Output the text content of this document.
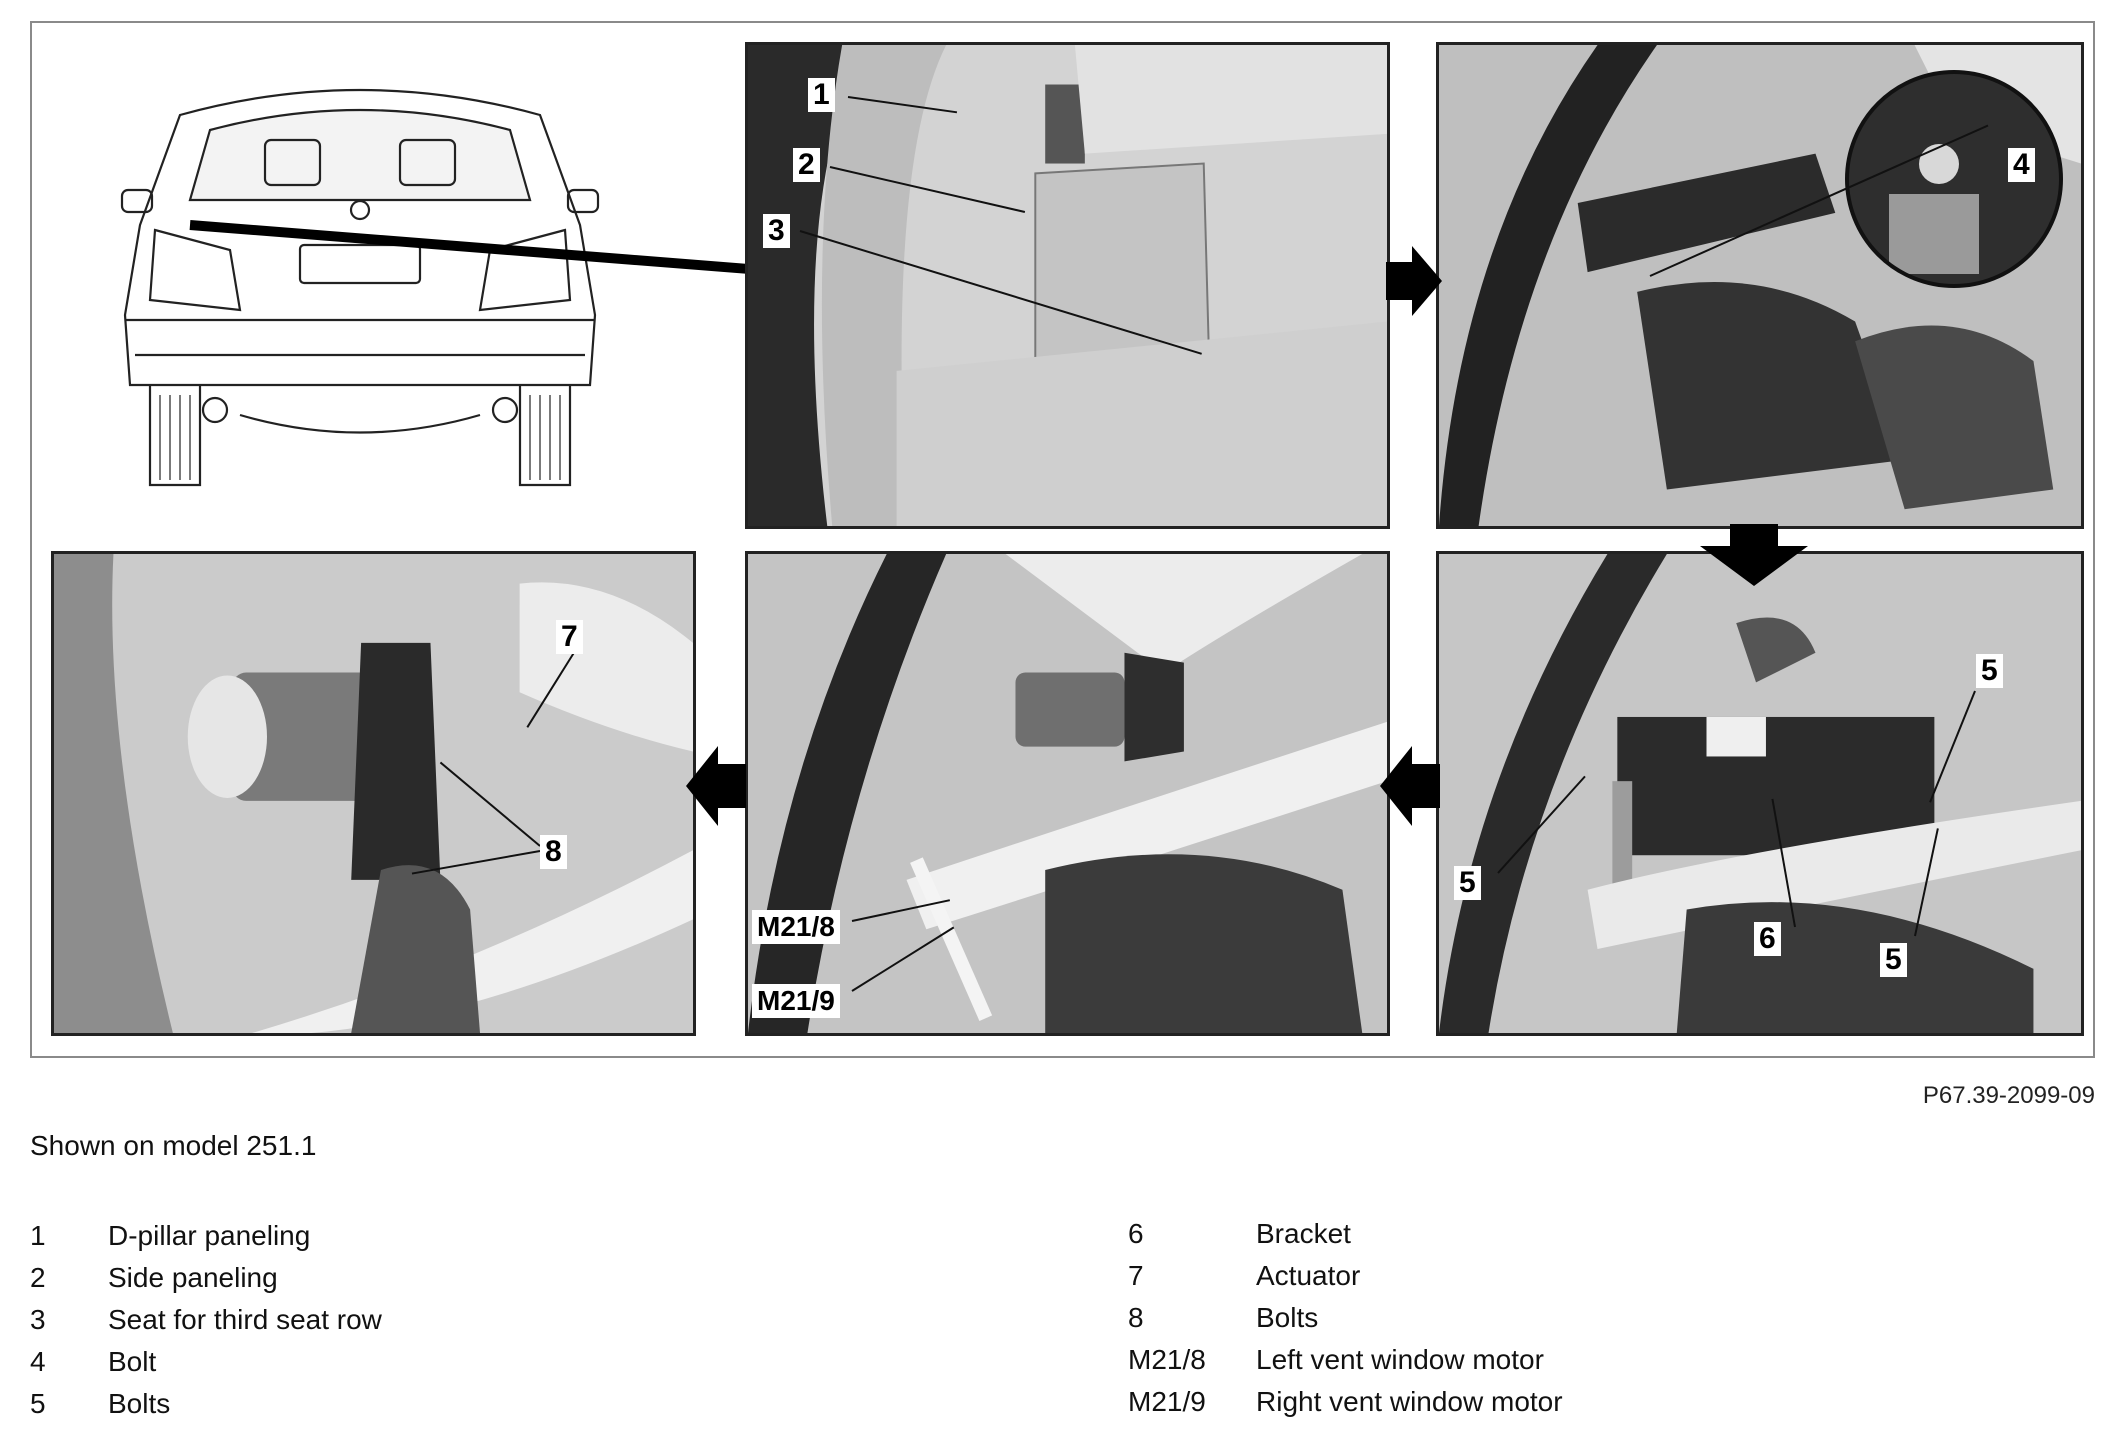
1
2
3
4
5
5
5
6
7
8
M21/8
M21/9
P67.39-2099-09
Shown on model 251.1
1	D-pillar paneling
2	Side paneling
3	Seat for third seat row
4	Bolt
5	Bolts
6	Bracket
7	Actuator
8	Bolts
M21/8	Left vent window motor
M21/9	Right vent window motor
